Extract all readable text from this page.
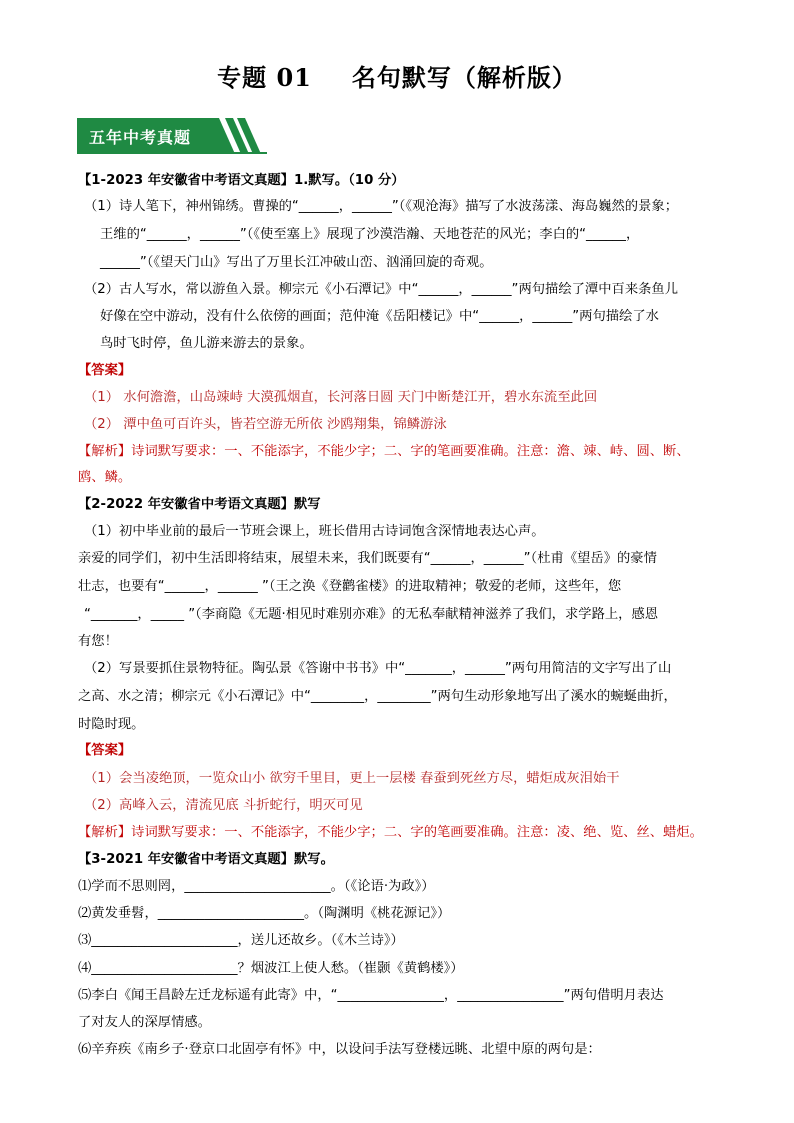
专题 01 名句默写（解析版）
五年中考真题
【1-2023 年安徽省中考语文真题】1.默写。（10 分）
（1）诗人笔下，神州锦绣。曹操的“______，______”（《观沧海》描写了水波荡漾、海岛巍然的景象；
王维的“______，______”（《使至塞上》展现了沙漠浩瀚、天地苍茫的风光；李白的“______，
______”（《望天门山》写出了万里长江冲破山峦、汹涌回旋的奇观。
（2）古人写水，常以游鱼入景。柳宗元《小石潭记》中“______，______”两句描绘了潭中百来条鱼儿
好像在空中游动，没有什么依傍的画面；范仲淹《岳阳楼记》中“______，______”两句描绘了水
鸟时飞时停，鱼儿游来游去的景象。
【答案】
（1） 水何澹澹，山岛竦峙 大漠孤烟直，长河落日圆 天门中断楚江开，碧水东流至此回
（2） 潭中鱼可百许头，皆若空游无所依 沙鸥翔集，锦鳞游泳
【解析】诗词默写要求：一、不能添字，不能少字；二、字的笔画要准确。注意：澹、竦、峙、圆、断、
鸥、鳞。
【2-2022 年安徽省中考语文真题】默写
（1）初中毕业前的最后一节班会课上，班长借用古诗词饱含深情地表达心声。
亲爱的同学们，初中生活即将结束，展望未来，我们既要有“______，______”（杜甫《望岳》的豪情
壮志，也要有“______，______ ”（王之涣《登鹳雀楼》的进取精神；敬爱的老师，这些年，您
“_______，_____ ”（李商隐《无题·相见时难别亦难》的无私奉献精神滋养了我们，求学路上，感恩
有您！
（2）写景要抓住景物特征。陶弘景《答谢中书书》中“_______，______”两句用简洁的文字写出了山
之高、水之清；柳宗元《小石潭记》中“________，________”两句生动形象地写出了溪水的蜿蜒曲折，
时隐时现。
【答案】
（1）会当凌绝顶，一览众山小 欲穷千里目，更上一层楼 春蚕到死丝方尽，蜡炬成灰泪始干
（2）高峰入云，清流见底 斗折蛇行，明灭可见
【解析】诗词默写要求：一、不能添字，不能少字；二、字的笔画要准确。注意：凌、绝、览、丝、蜡炬。
【3-2021 年安徽省中考语文真题】默写。
⑴学而不思则罔，______________________。（《论语·为政》）
⑵黄发垂髫，______________________。（陶渊明《桃花源记》）
⑶______________________，送儿还故乡。（《木兰诗》）
⑷______________________？烟波江上使人愁。（崔颢《黄鹤楼》）
⑸李白《闻王昌龄左迁龙标遥有此寄》中，“________________，________________”两句借明月表达
了对友人的深厚情感。
⑹辛弃疾《南乡子·登京口北固亭有怀》中，以设问手法写登楼远眺、北望中原的两句是：
